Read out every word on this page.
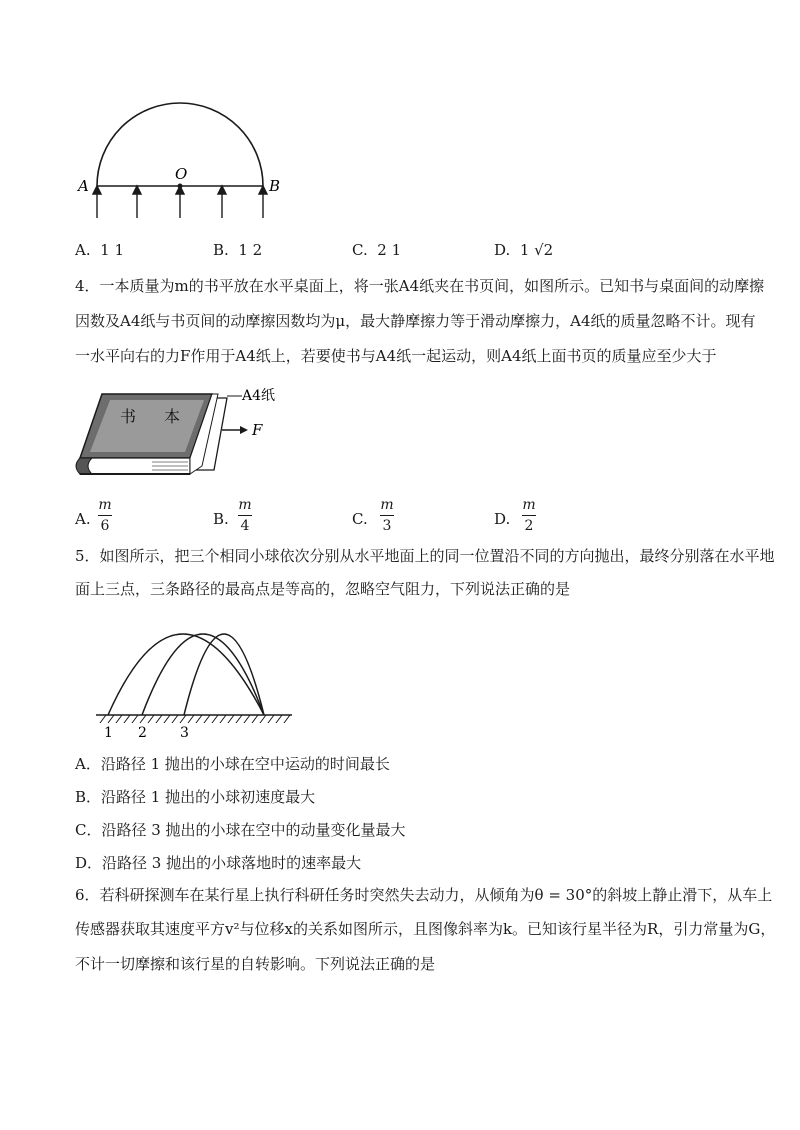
A	B
O
A. 1 1	B. 1 2	C. 2 1	D. 1 √2
4．一本质量为m的书平放在水平桌面上，将一张A4纸夹在书页间，如图所示。已知书与桌面间的动摩擦
因数及A4纸与书页间的动摩擦因数均为μ，最大静摩擦力等于滑动摩擦力，A4纸的质量忽略不计。现有
一水平向右的力F作用于A4纸上，若要使书与A4纸一起运动，则A4纸上面书页的质量应至少大于
书 本
A4纸
F
A.
m
6	B.
m
4	C.
m
3	D.
m
2
5．如图所示，把三个相同小球依次分别从水平地面上的同一位置沿不同的方向抛出，最终分别落在水平地
面上三点，三条路径的最高点是等高的，忽略空气阻力，下列说法正确的是
1 2 3
A．沿路径 1 抛出的小球在空中运动的时间最长
B．沿路径 1 抛出的小球初速度最大
C．沿路径 3 抛出的小球在空中的动量变化量最大
D．沿路径 3 抛出的小球落地时的速率最大
6．若科研探测车在某行星上执行科研任务时突然失去动力，从倾角为θ = 30°的斜坡上静止滑下，从车上
传感器获取其速度平方v²与位移x的关系如图所示，且图像斜率为k。已知该行星半径为R，引力常量为G，
不计一切摩擦和该行星的自转影响。下列说法正确的是
